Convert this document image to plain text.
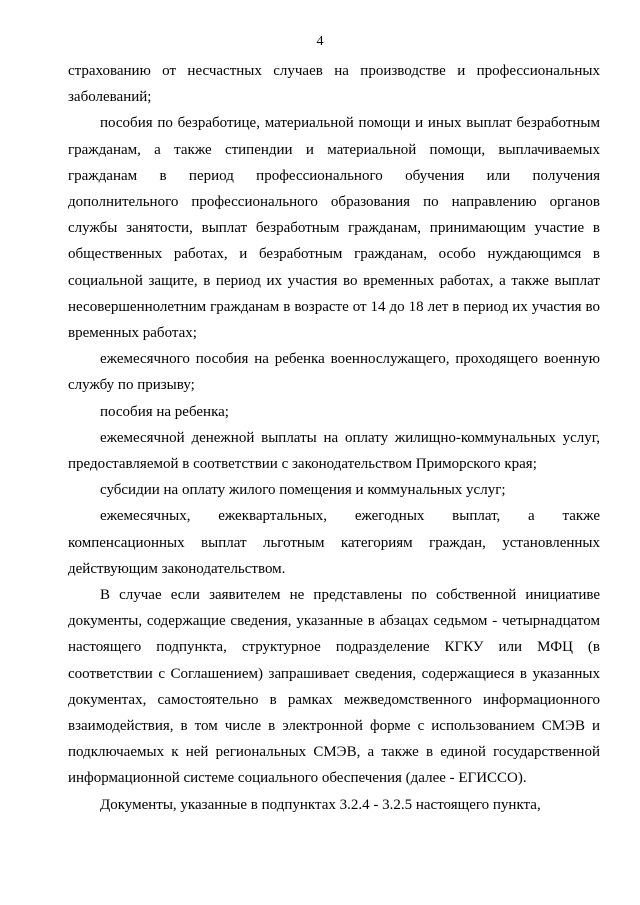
4

страхованию от несчастных случаев на производстве и профессиональных заболеваний;

пособия по безработице, материальной помощи и иных выплат безработным гражданам, а также стипендии и материальной помощи, выплачиваемых гражданам в период профессионального обучения или получения дополнительного профессионального образования по направлению органов службы занятости, выплат безработным гражданам, принимающим участие в общественных работах, и безработным гражданам, особо нуждающимся в социальной защите, в период их участия во временных работах, а также выплат несовершеннолетним гражданам в возрасте от 14 до 18 лет в период их участия во временных работах;

ежемесячного пособия на ребенка военнослужащего, проходящего военную службу по призыву;

пособия на ребенка;

ежемесячной денежной выплаты на оплату жилищно-коммунальных услуг, предоставляемой в соответствии с законодательством Приморского края;

субсидии на оплату жилого помещения и коммунальных услуг;

ежемесячных, ежеквартальных, ежегодных выплат, а также компенсационных выплат льготным категориям граждан, установленных действующим законодательством.

В случае если заявителем не представлены по собственной инициативе документы, содержащие сведения, указанные в абзацах седьмом - четырнадцатом настоящего подпункта, структурное подразделение КГКУ или МФЦ (в соответствии с Соглашением) запрашивает сведения, содержащиеся в указанных документах, самостоятельно в рамках межведомственного информационного взаимодействия, в том числе в электронной форме с использованием СМЭВ и подключаемых к ней региональных СМЭВ, а также в единой государственной информационной системе социального обеспечения (далее - ЕГИССО).

Документы, указанные в подпунктах 3.2.4 - 3.2.5 настоящего пункта,
